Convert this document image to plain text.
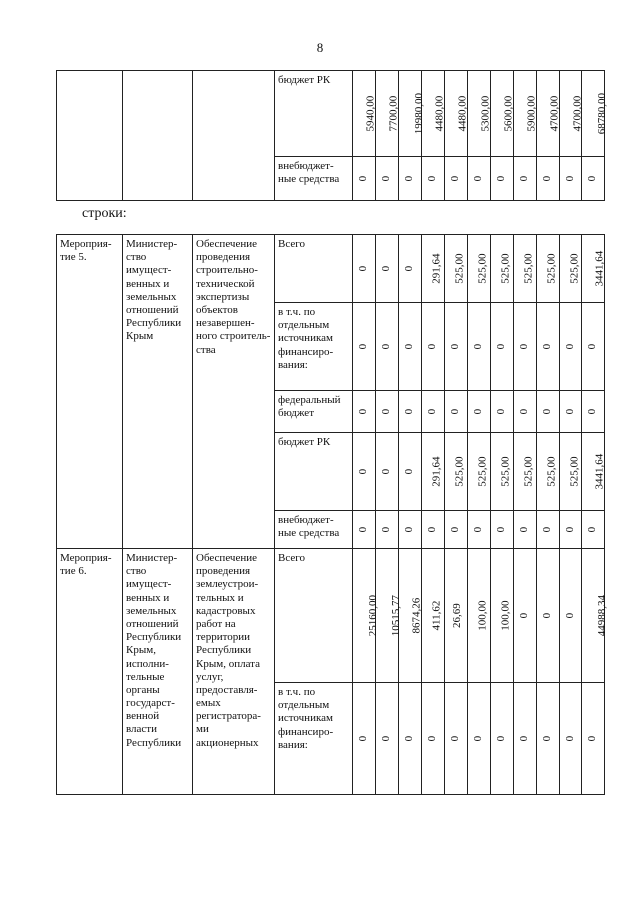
8
			бюджет РК	5940,00	7700,00	19980,00	4480,00	4480,00	5300,00	5600,00	5900,00	4700,00	4700,00	68780,00
			внебюджет-ные средства	0	0	0	0	0	0	0	0	0	0	0
строки:
Мероприя-тие 5.	Министер-ство имущест-венных и земельных отношений Республики Крым	Обеспечение проведения строительно-технической экспертизы объектов незавершен-ного строитель-ства	Всего	0	0	0	291,64	525,00	525,00	525,00	525,00	525,00	525,00	3441,64
			в т.ч. по отдельным источникам финансиро-вания:	0	0	0	0	0	0	0	0	0	0	0
			федеральный бюджет	0	0	0	0	0	0	0	0	0	0	0
			бюджет РК	0	0	0	291,64	525,00	525,00	525,00	525,00	525,00	525,00	3441,64
			внебюджет-ные средства	0	0	0	0	0	0	0	0	0	0	0
Мероприя-тие 6.	Министер-ство имущест-венных и земельных отношений Республики Крым, исполни-тельные органы государст-венной власти Республики	Обеспечение проведения землеустрои-тельных и кадастровых работ на территории Республики Крым, оплата услуг, предоставля-емых регистратора-ми акционерных	Всего	25160,00	10515,77	8674,26	411,62	26,69	100,00	100,00	0	0	0	44988,34
			в т.ч. по отдельным источникам финансиро-вания:	0	0	0	0	0	0	0	0	0	0	0
